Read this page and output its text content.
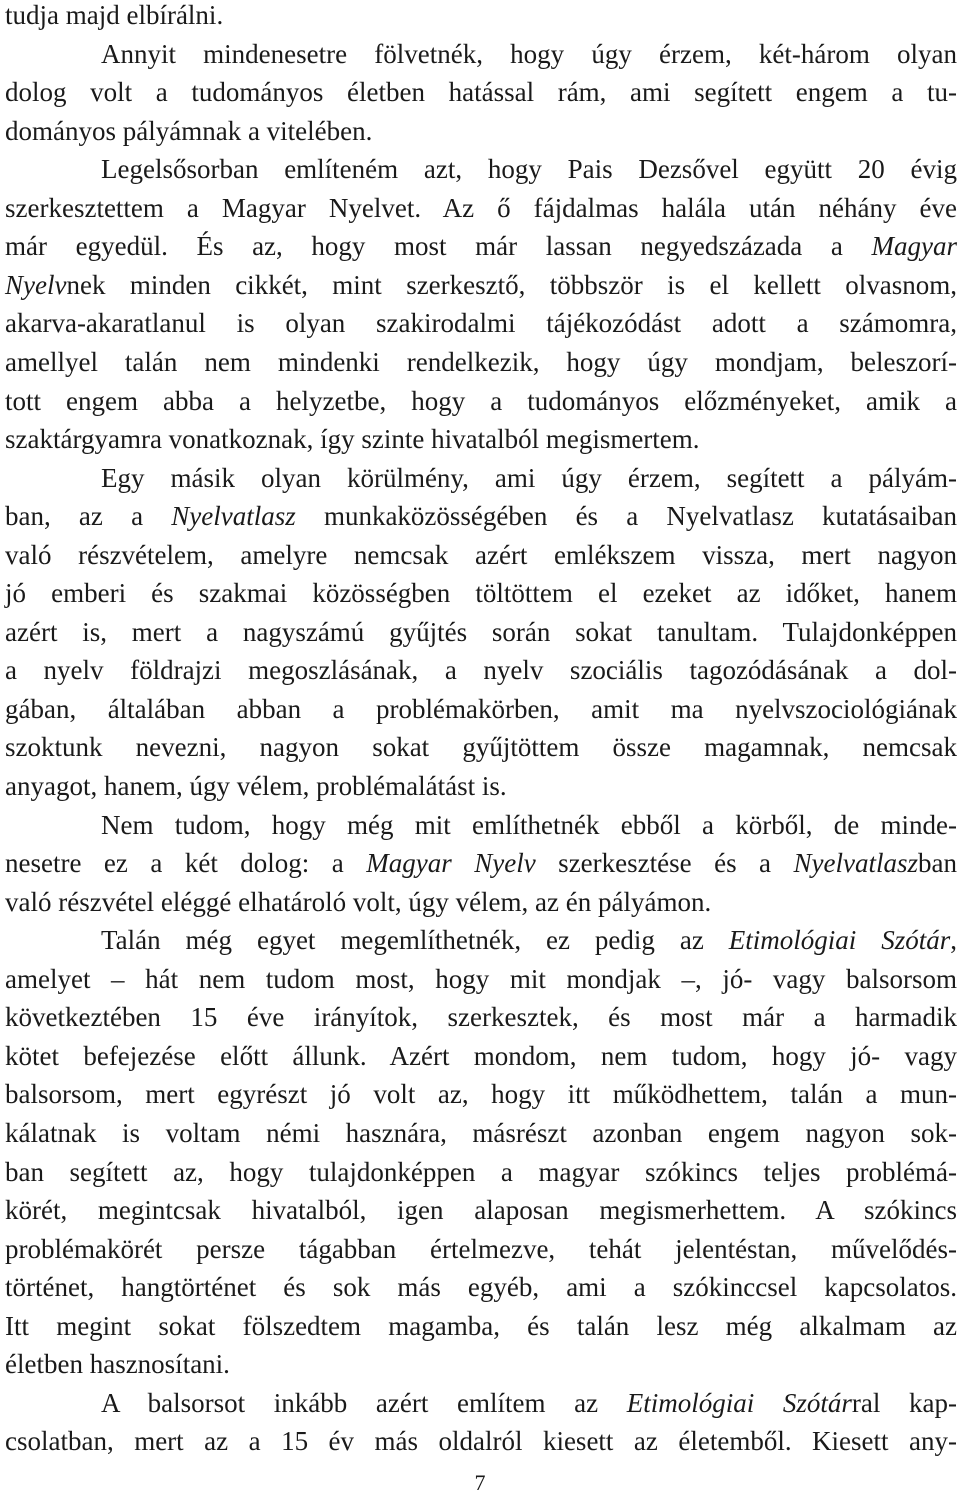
tudja majd elbírálni.
Annyit mindenesetre fölvetnék, hogy úgy érzem, két-három olyan
dolog volt a tudományos életben hatással rám, ami segített engem a tu-
dományos pályámnak a vitelében.
Legelsősorban említeném azt, hogy Pais Dezsővel együtt 20 évig
szerkesztettem a Magyar Nyelvet. Az ő fájdalmas halála után néhány éve
már egyedül. És az, hogy most már lassan negyedszázada a Magyar
Nyelvnek minden cikkét, mint szerkesztő, többször is el kellett olvasnom,
akarva-akaratlanul is olyan szakirodalmi tájékozódást adott a számomra,
amellyel talán nem mindenki rendelkezik, hogy úgy mondjam, beleszorí-
tott engem abba a helyzetbe, hogy a tudományos előzményeket, amik a
szaktárgyamra vonatkoznak, így szinte hivatalból megismertem.
Egy másik olyan körülmény, ami úgy érzem, segített a pályám-
ban, az a Nyelvatlasz munkaközösségében és a Nyelvatlasz kutatásaiban
való részvételem, amelyre nemcsak azért emlékszem vissza, mert nagyon
jó emberi és szakmai közösségben töltöttem el ezeket az időket, hanem
azért is, mert a nagyszámú gyűjtés során sokat tanultam. Tulajdonképpen
a nyelv földrajzi megoszlásának, a nyelv szociális tagozódásának a dol-
gában, általában abban a problémakörben, amit ma nyelvszociológiának
szoktunk nevezni, nagyon sokat gyűjtöttem össze magamnak, nemcsak
anyagot, hanem, úgy vélem, problémalátást is.
Nem tudom, hogy még mit említhetnék ebből a körből, de minde-
nesetre ez a két dolog: a Magyar Nyelv szerkesztése és a Nyelvatlaszban
való részvétel eléggé elhatároló volt, úgy vélem, az én pályámon.
Talán még egyet megemlíthetnék, ez pedig az Etimológiai Szótár,
amelyet – hát nem tudom most, hogy mit mondjak –, jó- vagy balsorsom
következtében 15 éve irányítok, szerkesztek, és most már a harmadik
kötet befejezése előtt állunk. Azért mondom, nem tudom, hogy jó- vagy
balsorsom, mert egyrészt jó volt az, hogy itt működhettem, talán a mun-
kálatnak is voltam némi hasznára, másrészt azonban engem nagyon sok-
ban segített az, hogy tulajdonképpen a magyar szókincs teljes problémá-
körét, megintcsak hivatalból, igen alaposan megismerhettem. A szókincs
problémakörét persze tágabban értelmezve, tehát jelentéstan, művelődés-
történet, hangtörténet és sok más egyéb, ami a szókinccsel kapcsolatos.
Itt megint sokat fölszedtem magamba, és talán lesz még alkalmam az
életben hasznosítani.
A balsorsot inkább azért említem az Etimológiai Szótárral kap-
csolatban, mert az a 15 év más oldalról kiesett az életemből. Kiesett any-
7
